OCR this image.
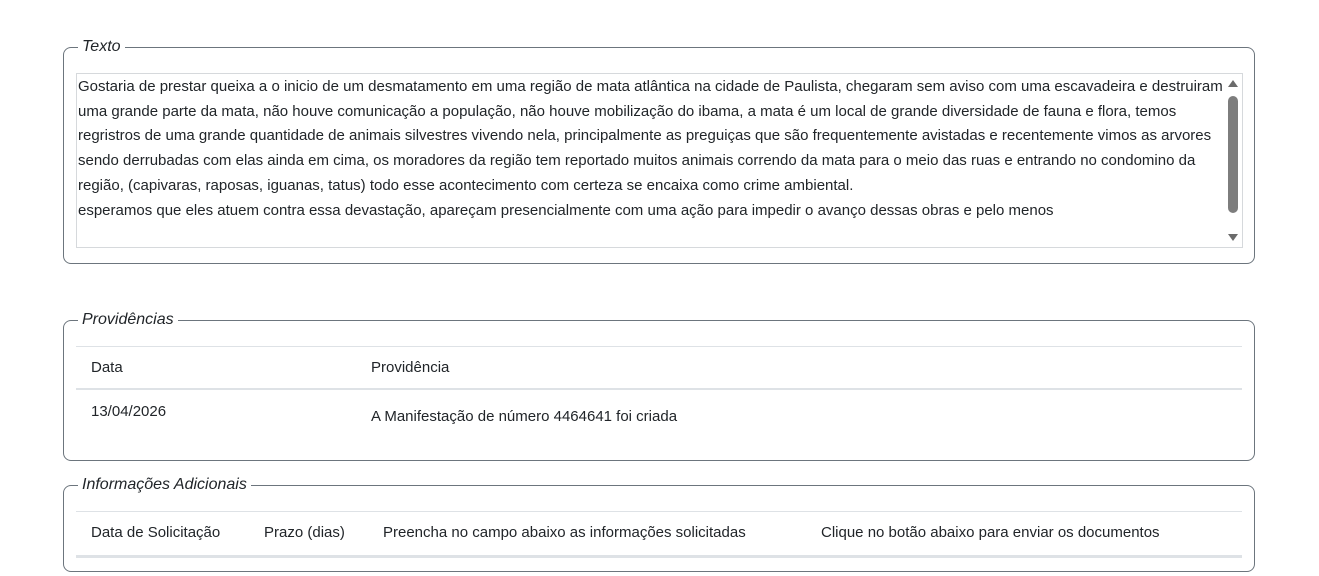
Texto
Gostaria de prestar queixa a o inicio de um desmatamento em uma região de mata atlântica na cidade de Paulista, chegaram sem aviso com uma escavadeira e destruiram uma grande parte da mata, não houve comunicação a população, não houve mobilização do ibama, a mata é um local de grande diversidade de fauna e flora, temos regristros de uma grande quantidade de animais silvestres vivendo nela, principalmente as preguiças que são frequentemente avistadas e recentemente vimos as arvores sendo derrubadas com elas ainda em cima, os moradores da região tem reportado muitos animais correndo da mata para o meio das ruas e entrando no condomino da região, (capivaras, raposas, iguanas, tatus) todo esse acontecimento com certeza se encaixa como crime ambiental.
esperamos que eles atuem contra essa devastação, apareçam presencialmente com uma ação para impedir o avanço dessas obras e pelo menos
Providências
Data	Providência
13/04/2026	A Manifestação de número 4464641 foi criada
Informações Adicionais
Data de Solicitação	Prazo (dias)	Preencha no campo abaixo as informações solicitadas	Clique no botão abaixo para enviar os documentos
